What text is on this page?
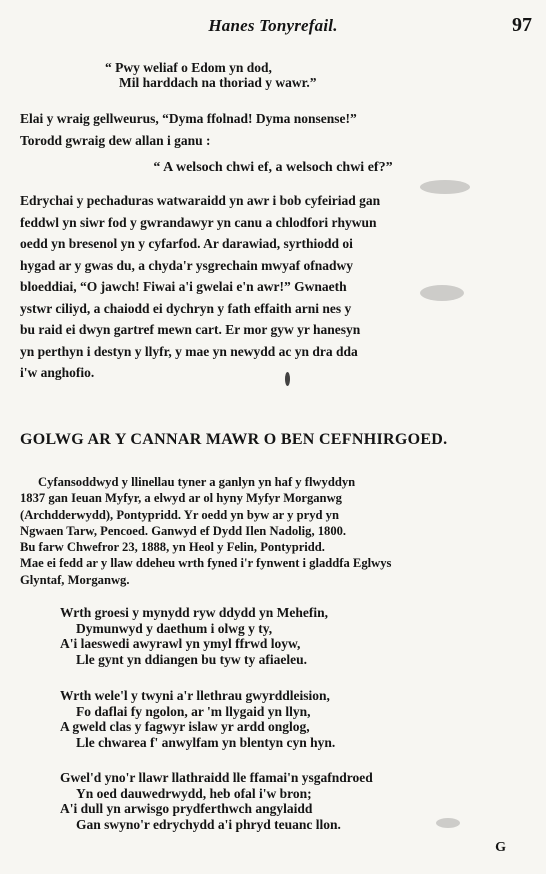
Hanes Tonyrefail.	97
“ Pwy weliaf o Edom yn dod,
Mil harddach na thoriad y wawr.”
Elai y wraig gellweurus, “Dyma ffolnad! Dyma nonsense!”
Torodd gwraig dew allan i ganu :
“ A welsoch chwi ef, a welsoch chwi ef?”
Edrychai y pechaduras watwaraidd yn awr i bob cyfeiriad gan
feddwl yn siwr fod y gwrandawyr yn canu a chlodfori rhywun
oedd yn bresenol yn y cyfarfod. Ar darawiad, syrthiodd oi
hygad ar y gwas du, a chyda'r ysgrechain mwyaf ofnadwy
bloeddiai, “O jawch! Fiwai a'i gwelai e'n awr!” Gwnaeth
ystwr ciliyd, a chaiodd ei dychryn y fath effaith arni nes y
bu raid ei dwyn gartref mewn cart. Er mor gyw yr hanesyn
yn perthyn i destyn y llyfr, y mae yn newydd ac yn dra dda
i'w anghofio.
GOLWG AR Y CANNAR MAWR O BEN CEFNHIRGOED.
Cyfansoddwyd y llinellau tyner a ganlyn yn haf y flwyddyn
1837 gan Ieuan Myfyr, a elwyd ar ol hyny Myfyr Morganwg
(Archdderwydd), Pontypridd. Yr oedd yn byw ar y pryd yn
Ngwaen Tarw, Pencoed. Ganwyd ef Dydd Ilen Nadolig, 1800.
Bu farw Chwefror 23, 1888, yn Heol y Felin, Pontypridd.
Mae ei fedd ar y llaw ddeheu wrth fyned i'r fynwent i gladdfa Eglwys
Glyntaf, Morganwg.
Wrth groesi y mynydd ryw ddydd yn Mehefin,
Dymunwyd y daethum i olwg y ty,
A'i laeswedi awyrawl yn ymyl ffrwd loyw,
Lle gynt yn ddiangen bu tyw ty afiaeleu.
Wrth wele'l y twyni a'r llethrau gwyrddleision,
Fo daflai fy ngolon, ar 'm llygaid yn llyn,
A gweld clas y fagwyr islaw yr ardd onglog,
Lle chwarea f' anwylfam yn blentyn cyn hyn.
Gwel'd yno'r llawr llathraidd lle ffamai'n ysgafndroed
Yn oed dauwedrwydd, heb ofal i'w bron;
A'i dull yn arwisgo prydferthwch angylaidd
Gan swyno'r edrychydd a'i phryd teuanc llon.
G
